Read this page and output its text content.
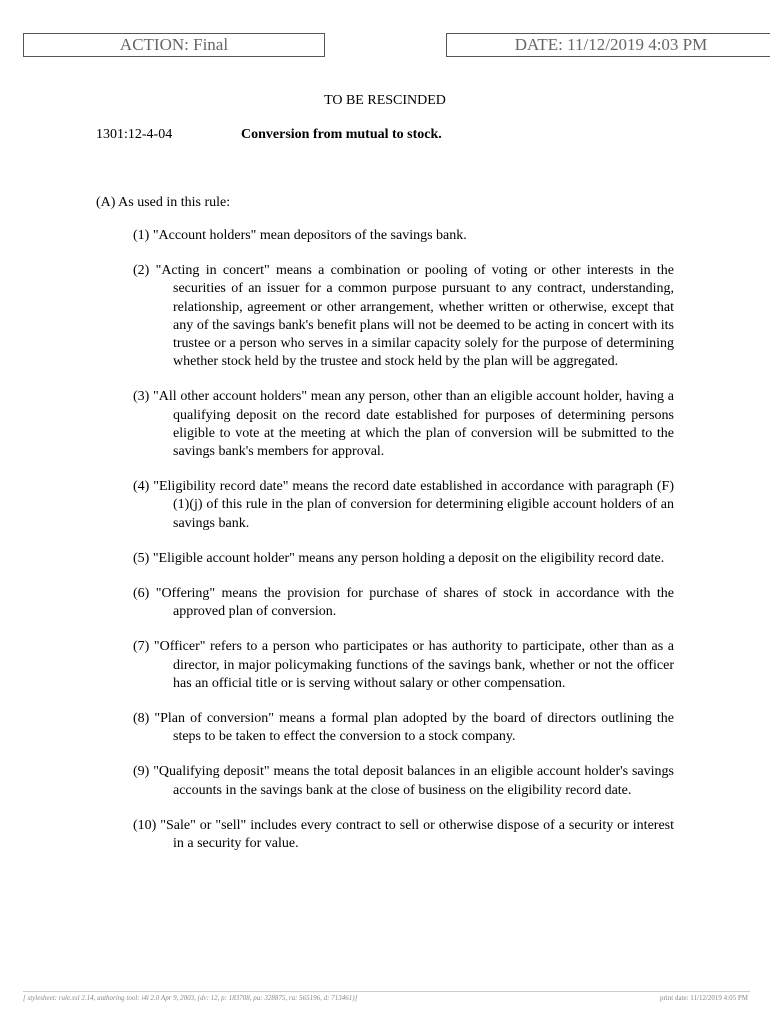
ACTION: Final	DATE: 11/12/2019 4:03 PM
TO BE RESCINDED
1301:12-4-04	Conversion from mutual to stock.
(A) As used in this rule:

(1) "Account holders" mean depositors of the savings bank.

(2) "Acting in concert" means a combination or pooling of voting or other interests in the securities of an issuer for a common purpose pursuant to any contract, understanding, relationship, agreement or other arrangement, whether written or otherwise, except that any of the savings bank's benefit plans will not be deemed to be acting in concert with its trustee or a person who serves in a similar capacity solely for the purpose of determining whether stock held by the trustee and stock held by the plan will be aggregated.

(3) "All other account holders" mean any person, other than an eligible account holder, having a qualifying deposit on the record date established for purposes of determining persons eligible to vote at the meeting at which the plan of conversion will be submitted to the savings bank's members for approval.

(4) "Eligibility record date" means the record date established in accordance with paragraph (F)(1)(j) of this rule in the plan of conversion for determining eligible account holders of an savings bank.

(5) "Eligible account holder" means any person holding a deposit on the eligibility record date.

(6) "Offering" means the provision for purchase of shares of stock in accordance with the approved plan of conversion.

(7) "Officer" refers to a person who participates or has authority to participate, other than as a director, in major policymaking functions of the savings bank, whether or not the officer has an official title or is serving without salary or other compensation.

(8) "Plan of conversion" means a formal plan adopted by the board of directors outlining the steps to be taken to effect the conversion to a stock company.

(9) "Qualifying deposit" means the total deposit balances in an eligible account holder's savings accounts in the savings bank at the close of business on the eligibility record date.

(10) "Sale" or "sell" includes every contract to sell or otherwise dispose of a security or interest in a security for value.

[ stylesheet: rule.xsl 2.14, authoring tool: i4i 2.0 Apr 9, 2003, (dv: 12, p: 183708, pa: 328875, ra: 565196, d: 713461)]	print date: 11/12/2019 4:05 PM
